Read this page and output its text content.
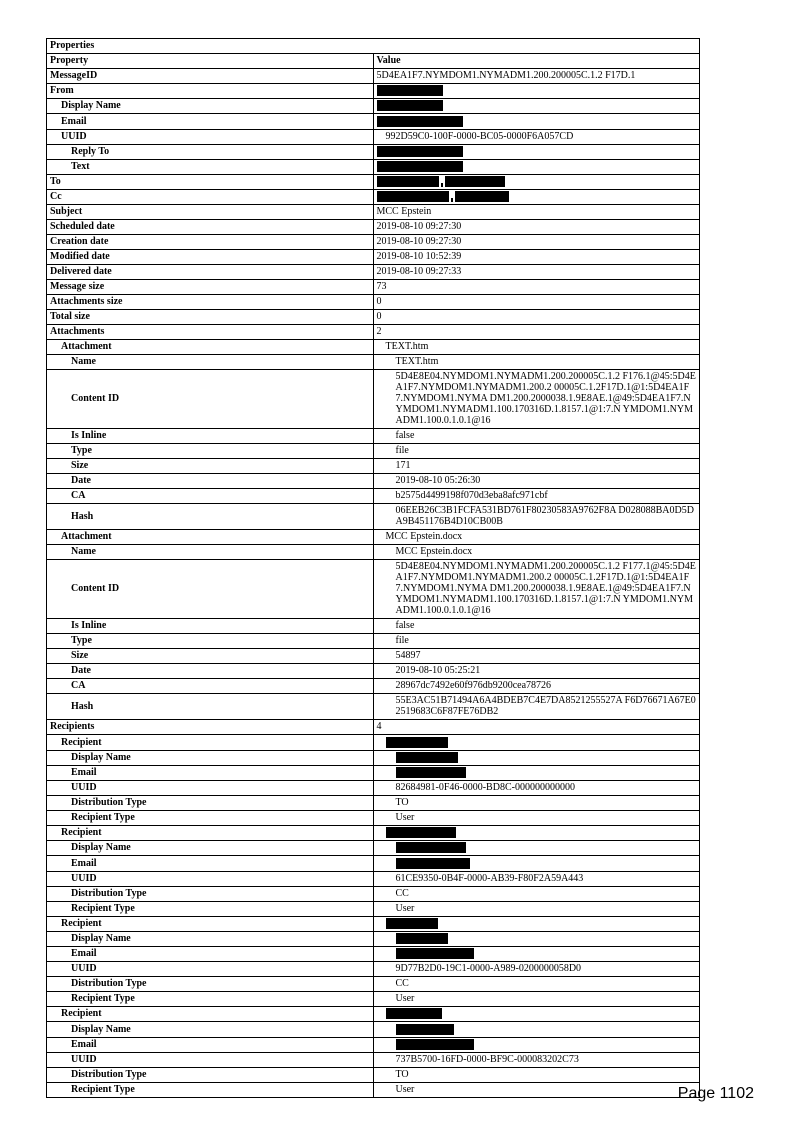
Properties	
Property	Value
MessageID	5D4EA1F7.NYMDOM1.NYMADM1.200.200005C.1.2 F17D.1
From	
Display Name	
Email	
UUID	992D59C0-100F-0000-BC05-0000F6A057CD
Reply To	
Text	
To	
Cc	
Subject	MCC Epstein
Scheduled date	2019-08-10 09:27:30
Creation date	2019-08-10 09:27:30
Modified date	2019-08-10 10:52:39
Delivered date	2019-08-10 09:27:33
Message size	73
Attachments size	0
Total size	0
Attachments	2
Attachment	TEXT.htm
Name	TEXT.htm
Content ID	5D4E8E04.NYMDOM1.NYMADM1.200.200005C.1.2 F176.1@45:5D4EA1F7.NYMDOM1.NYMADM1.200.2 00005C.1.2F17D.1@1:5D4EA1F7.NYMDOM1.NYMA DM1.200.2000038.1.9E8AE.1@49:5D4EA1F7.NYMDOM1.NYMADM1.100.170316D.1.8157.1@1:7.N YMDOM1.NYMADM1.100.0.1.0.1@16
Is Inline	false
Type	file
Size	171
Date	2019-08-10 05:26:30
CA	b2575d4499198f070d3eba8afc971cbf
Hash	06EEB26C3B1FCFA531BD761F80230583A9762F8A D028088BA0D5DA9B451176B4D10CB00B
Attachment	MCC Epstein.docx
Name	MCC Epstein.docx
Content ID	5D4E8E04.NYMDOM1.NYMADM1.200.200005C.1.2 F177.1@45:5D4EA1F7.NYMDOM1.NYMADM1.200.2 00005C.1.2F17D.1@1:5D4EA1F7.NYMDOM1.NYMA DM1.200.2000038.1.9E8AE.1@49:5D4EA1F7.NYMDOM1.NYMADM1.100.170316D.1.8157.1@1:7.N YMDOM1.NYMADM1.100.0.1.0.1@16
Is Inline	false
Type	file
Size	54897
Date	2019-08-10 05:25:21
CA	28967dc7492e60f976db9200cea78726
Hash	55E3AC51B71494A6A4BDEB7C4E7DA8521255527A F6D76671A67E02519683C6F87FE76DB2
Recipients	4
Recipient	
Display Name	
Email	
UUID	82684981-0F46-0000-BD8C-000000000000
Distribution Type	TO
Recipient Type	User
Recipient	
Display Name	
Email	
UUID	61CE9350-0B4F-0000-AB39-F80F2A59A443
Distribution Type	CC
Recipient Type	User
Recipient	
Display Name	
Email	
UUID	9D77B2D0-19C1-0000-A989-0200000058D0
Distribution Type	CC
Recipient Type	User
Recipient	
Display Name	
Email	
UUID	737B5700-16FD-0000-BF9C-000083202C73
Distribution Type	TO
Recipient Type	User	Page 1102
